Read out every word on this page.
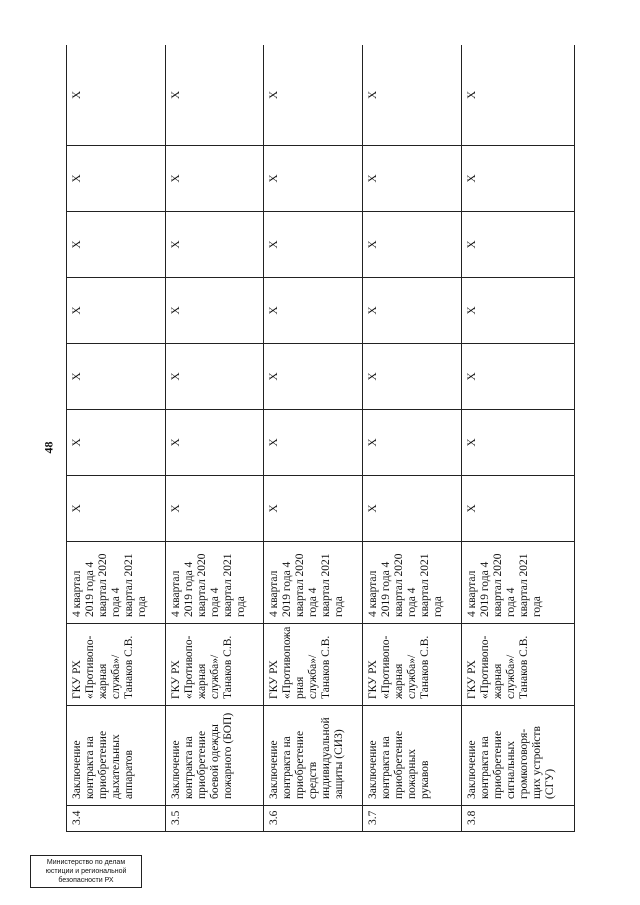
48
3.4	Заключение контракта на приобретение дыхательных аппаратов	ГКУ РХ «Противопо-жарная служба»/ Танаков С.В.	4 квартал 2019 года 4 квартал 2020 года 4 квартал 2021 года	X	X	X	X	X	X	X
3.5	Заключение контракта на приобретение боевой одежды пожарного (БОП)	ГКУ РХ «Противопо-жарная служба»/ Танаков С.В.	4 квартал 2019 года 4 квартал 2020 года 4 квартал 2021 года	X	X	X	X	X	X	X
3.6	Заключение контракта на приобретение средств индивидуальной защиты (СИЗ)	ГКУ РХ «Противопожа рная служба»/ Танаков С.В.	4 квартал 2019 года 4 квартал 2020 года 4 квартал 2021 года	X	X	X	X	X	X	X
3.7	Заключение контракта на приобретение пожарных рукавов	ГКУ РХ «Противопо-жарная служба»/ Танаков С.В.	4 квартал 2019 года 4 квартал 2020 года 4 квартал 2021 года	X	X	X	X	X	X	X
3.8	Заключение контракта на приобретение сигнальных громкоговоря-щих устройств (СГУ)	ГКУ РХ «Противопо-жарная служба»/ Танаков С.В.	4 квартал 2019 года 4 квартал 2020 года 4 квартал 2021 года	X	X	X	X	X	X	X
Министерство по делам
юстиции и региональной
безопасности РХ
